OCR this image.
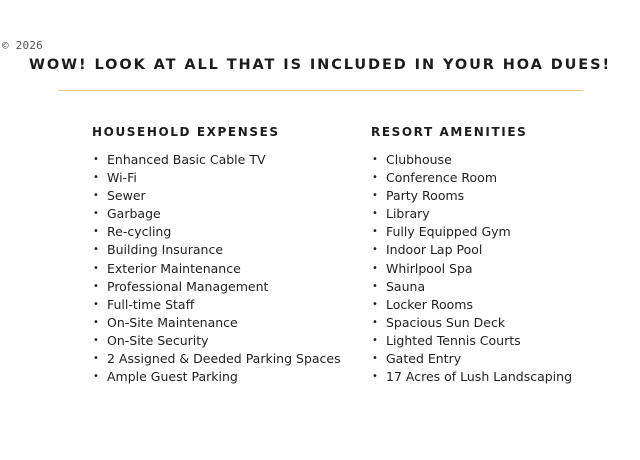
© 2026
WOW! LOOK AT ALL THAT IS INCLUDED IN YOUR HOA DUES!
HOUSEHOLD EXPENSES
• Enhanced Basic Cable TV
• Wi-Fi
• Sewer
• Garbage
• Re-cycling
• Building Insurance
• Exterior Maintenance
• Professional Management
• Full-time Staff
• On-Site Maintenance
• On-Site Security
• 2 Assigned & Deeded Parking Spaces
• Ample Guest Parking
RESORT AMENITIES
• Clubhouse
• Conference Room
• Party Rooms
• Library
• Fully Equipped Gym
• Indoor Lap Pool
• Whirlpool Spa
• Sauna
• Locker Rooms
• Spacious Sun Deck
• Lighted Tennis Courts
• Gated Entry
• 17 Acres of Lush Landscaping
